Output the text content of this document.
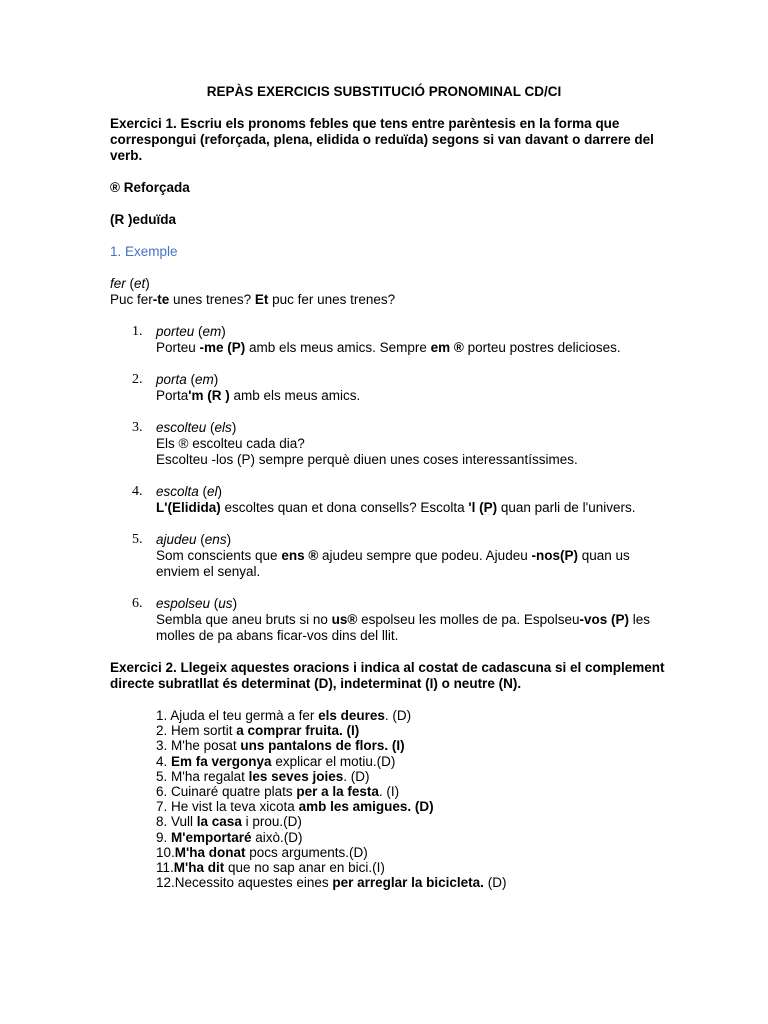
REPÀS EXERCICIS SUBSTITUCIÓ PRONOMINAL CD/CI
Exercici 1. Escriu els pronoms febles que tens entre parèntesis en la forma que correspongui (reforçada, plena, elidida o reduïda) segons si van davant o darrere del verb.
® Reforçada
(R )eduïda
1. Exemple
fer (et)
Puc fer-te unes trenes? Et puc fer unes trenes?
1. porteu (em)
Porteu -me (P) amb els meus amics. Sempre em ® porteu postres delicioses.
2. porta (em)
Porta'm (R ) amb els meus amics.
3. escolteu (els)
Els ® escolteu cada dia?
Escolteu -los (P) sempre perquè diuen unes coses interessantíssimes.
4. escolta (el)
L'(Elidida) escoltes quan et dona consells? Escolta 'l (P) quan parli de l'univers.
5. ajudeu (ens)
Som conscients que ens ® ajudeu sempre que podeu. Ajudeu -nos(P) quan us enviem el senyal.
6. espolseu (us)
Sembla que aneu bruts si no us® espolseu les molles de pa. Espolseu-vos (P) les molles de pa abans ficar-vos dins del llit.
Exercici 2. Llegeix aquestes oracions i indica al costat de cadascuna si el complement directe subratllat és determinat (D), indeterminat (I) o neutre (N).
1. Ajuda el teu germà a fer els deures. (D)
2. Hem sortit a comprar fruita. (I)
3. M'he posat uns pantalons de flors. (I)
4. Em fa vergonya explicar el motiu.(D)
5. M'ha regalat les seves joies. (D)
6. Cuinaré quatre plats per a la festa. (I)
7. He vist la teva xicota amb les amigues. (D)
8. Vull la casa i prou.(D)
9. M'emportaré això.(D)
10.M'ha donat pocs arguments.(D)
11.M'ha dit que no sap anar en bici.(I)
12.Necessito aquestes eines per arreglar la bicicleta. (D)
